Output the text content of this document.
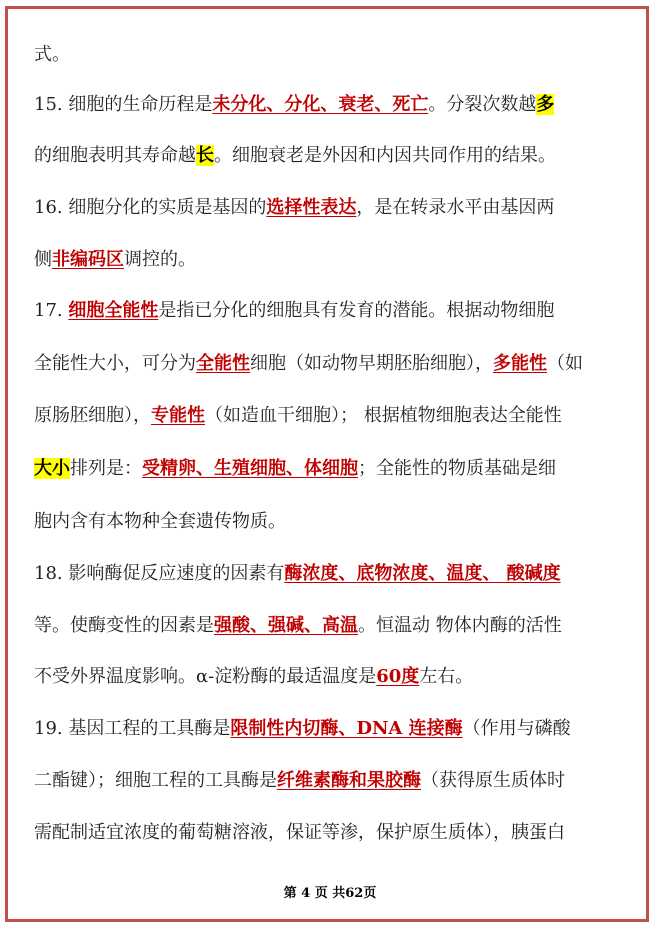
式。
15. 细胞的生命历程是未分化、分化、衰老、死亡。分裂次数越多
的细胞表明其寿命越长。细胞衰老是外因和内因共同作用的结果。
16. 细胞分化的实质是基因的选择性表达，是在转录水平由基因两
侧非编码区调控的。
17. 细胞全能性是指已分化的细胞具有发育的潜能。根据动物细胞
全能性大小，可分为全能性细胞（如动物早期胚胎细胞），多能性（如
原肠胚细胞），专能性（如造血干细胞）； 根据植物细胞表达全能性
大小排列是：受精卵、生殖细胞、体细胞；全能性的物质基础是细
胞内含有本物种全套遗传物质。
18. 影响酶促反应速度的因素有酶浓度、底物浓度、温度、 酸碱度
等。使酶变性的因素是强酸、强碱、高温。恒温动 物体内酶的活性
不受外界温度影响。α-淀粉酶的最适温度是60度左右。
19. 基因工程的工具酶是限制性内切酶、DNA 连接酶（作用与磷酸
二酯键）；细胞工程的工具酶是纤维素酶和果胶酶（获得原生质体时
需配制适宜浓度的葡萄糖溶液，保证等渗，保护原生质体），胰蛋白
第 4 页 共62页
